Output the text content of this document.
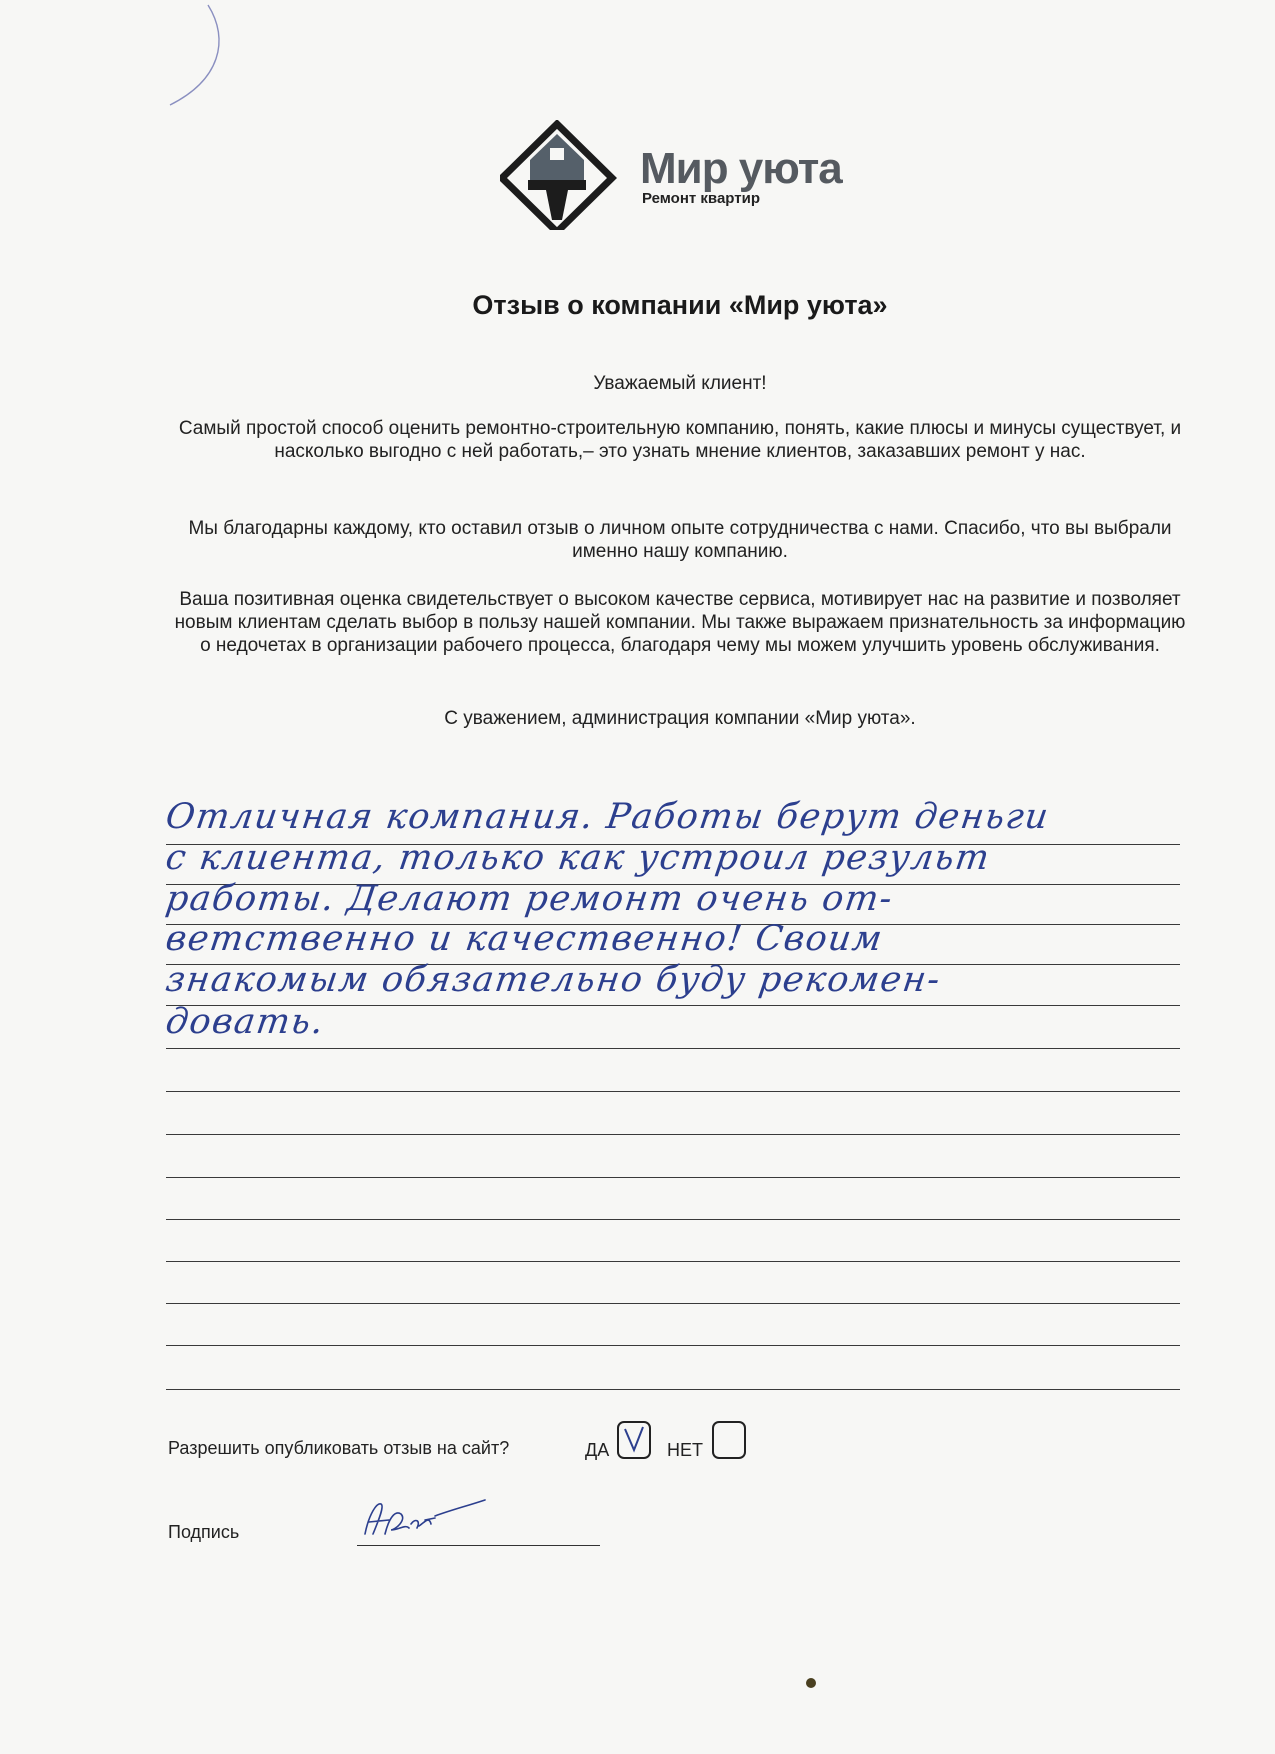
Мир уюта
Ремонт квартир
Отзыв о компании «Мир уюта»
Уважаемый клиент!
Самый простой способ оценить ремонтно-строительную компанию, понять, какие плюсы и минусы существует, и насколько выгодно с ней работать,– это узнать мнение клиентов, заказавших ремонт у нас.
Мы благодарны каждому, кто оставил отзыв о личном опыте сотрудничества с нами. Спасибо, что вы выбрали именно нашу компанию.
Ваша позитивная оценка свидетельствует о высоком качестве сервиса, мотивирует нас на развитие и позволяет новым клиентам сделать выбор в пользу нашей компании. Мы также выражаем признательность за информацию о недочетах в организации рабочего процесса, благодаря чему мы можем улучшить уровень обслуживания.
С уважением, администрация компании «Мир уюта».
Отличная компания. Работы берут деньги
с клиента, только как устроил результ
работы. Делают ремонт очень от-
ветственно и качественно! Своим
знакомым обязательно буду рекомен-
довать.
Разрешить опубликовать отзыв на сайт?	ДА	НЕТ
Подпись
